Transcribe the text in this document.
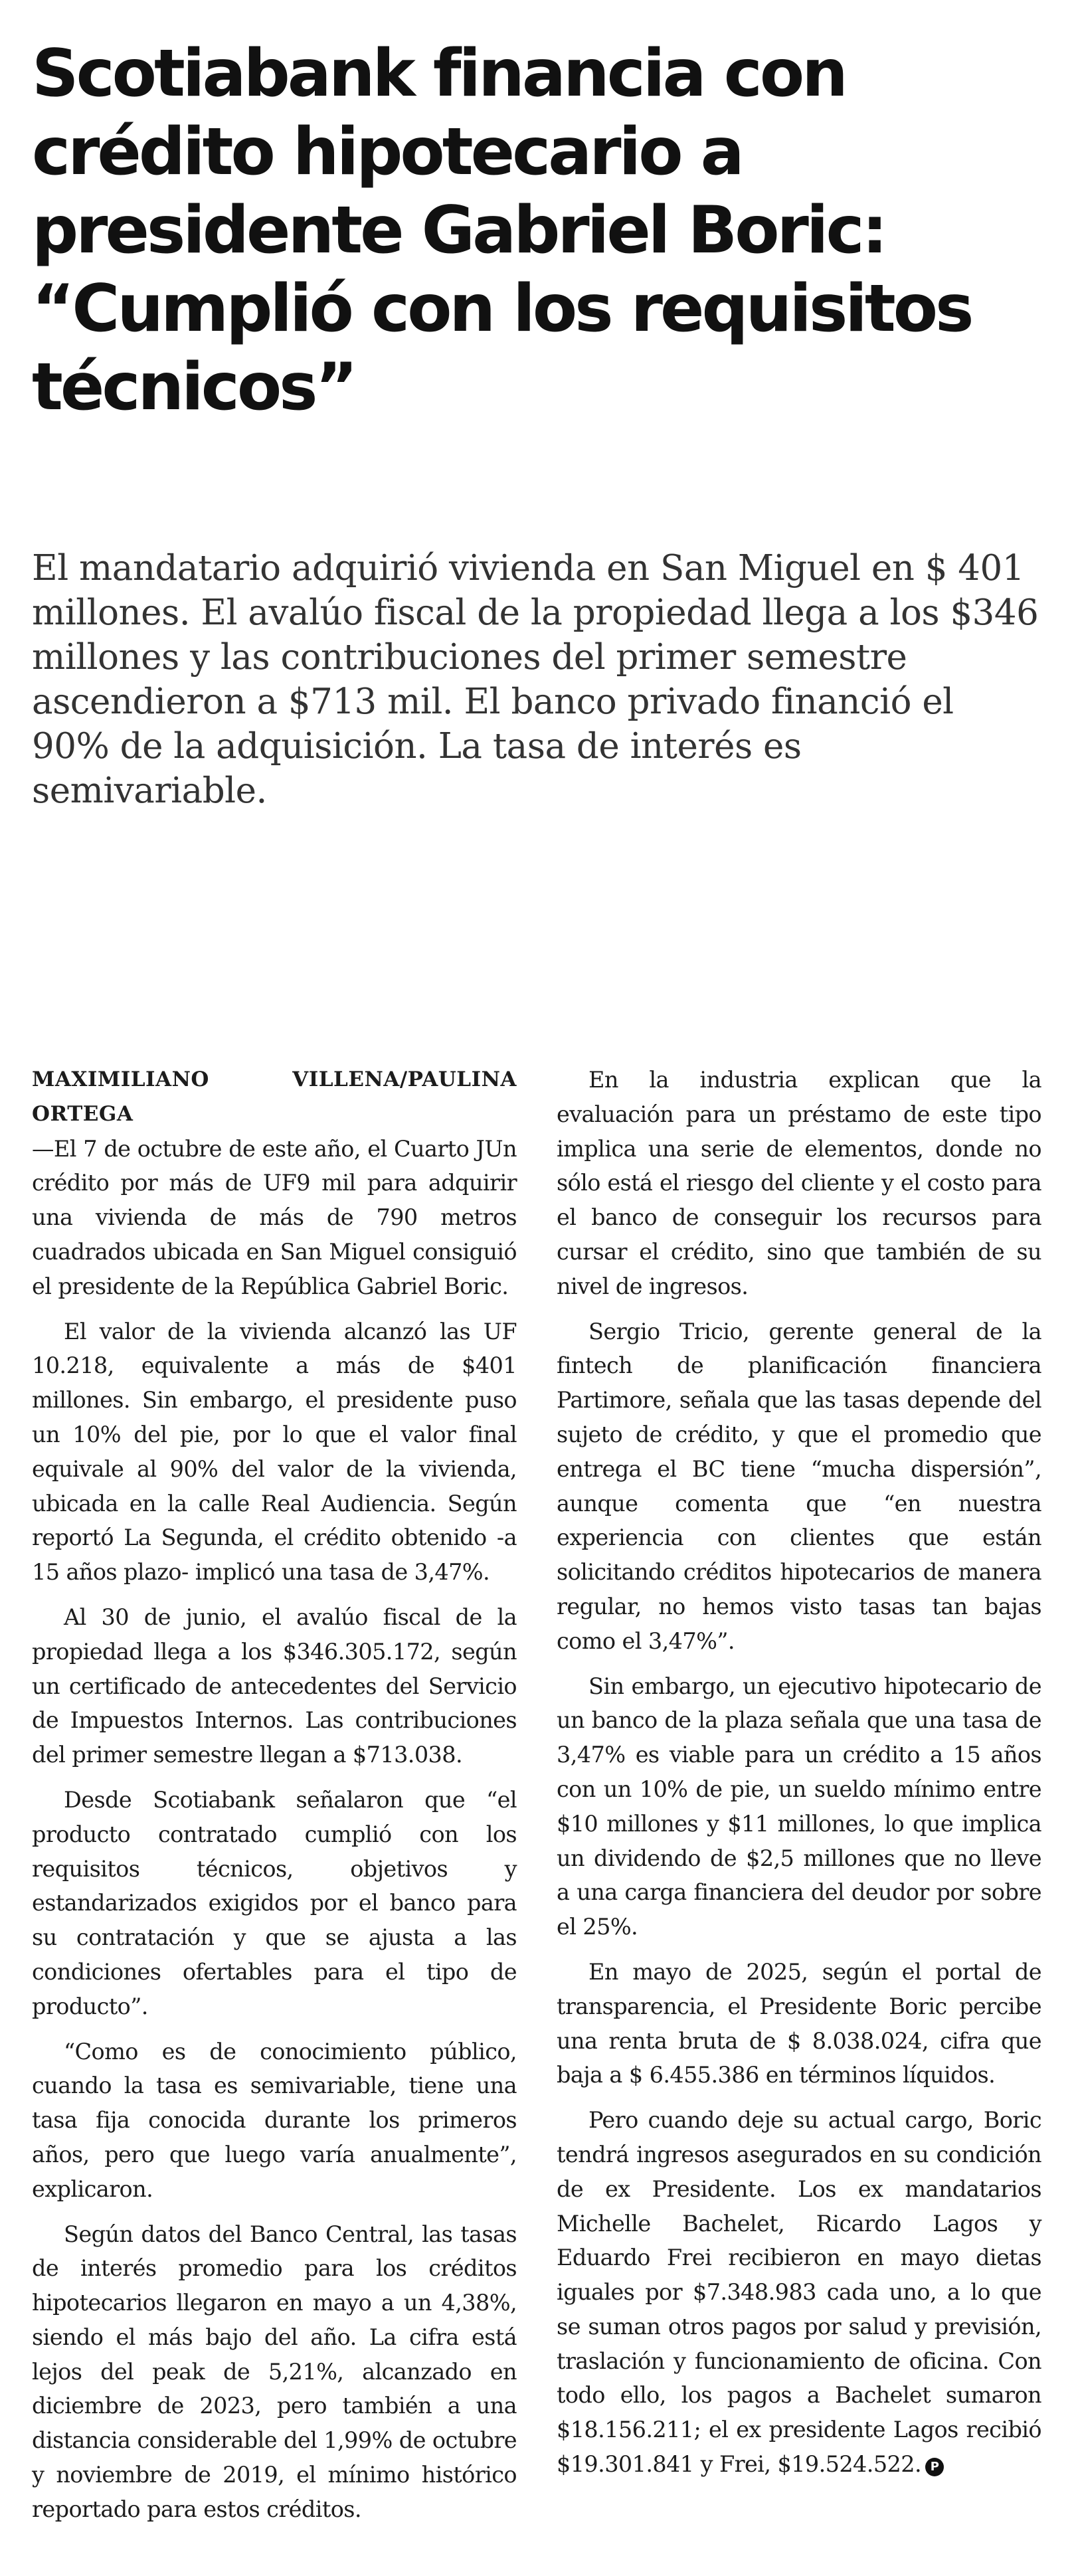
Scotiabank financia con crédito hipotecario a presidente Gabriel Boric: “Cumplió con los requisitos técnicos”

El mandatario adquirió vivienda en San Miguel en $ 401 millones. El avalúo fiscal de la propiedad llega a los $346 millones y las contribuciones del primer semestre ascendieron a $713 mil. El banco privado financió el 90% de la adquisición. La tasa de interés es semivariable.

MAXIMILIANO VILLENA/PAULINA ORTEGA

—El 7 de octubre de este año, el Cuarto JUn crédito por más de UF9 mil para adquirir una vivienda de más de 790 metros cuadrados ubicada en San Miguel consiguió el presidente de la República Gabriel Boric.

El valor de la vivienda alcanzó las UF 10.218, equivalente a más de $401 millones. Sin embargo, el presidente puso un 10% del pie, por lo que el valor final equivale al 90% del valor de la vivienda, ubicada en la calle Real Audiencia. Según reportó La Segunda, el crédito obtenido -a 15 años plazo- implicó una tasa de 3,47%.

Al 30 de junio, el avalúo fiscal de la propiedad llega a los $346.305.172, según un certificado de antecedentes del Servicio de Impuestos Internos. Las contribuciones del primer semestre llegan a $713.038.

Desde Scotiabank señalaron que “el producto contratado cumplió con los requisitos técnicos, objetivos y estandarizados exigidos por el banco para su contratación y que se ajusta a las condiciones ofertables para el tipo de producto”.

“Como es de conocimiento público, cuando la tasa es semivariable, tiene una tasa fija conocida durante los primeros años, pero que luego varía anualmente”, explicaron.

Según datos del Banco Central, las tasas de interés promedio para los créditos hipotecarios llegaron en mayo a un 4,38%, siendo el más bajo del año. La cifra está lejos del peak de 5,21%, alcanzado en diciembre de 2023, pero también a una distancia considerable del 1,99% de octubre y noviembre de 2019, el mínimo histórico reportado para estos créditos.

En la industria explican que la evaluación para un préstamo de este tipo implica una serie de elementos, donde no sólo está el riesgo del cliente y el costo para el banco de conseguir los recursos para cursar el crédito, sino que también de su nivel de ingresos.

Sergio Tricio, gerente general de la fintech de planificación financiera Partimore, señala que las tasas depende del sujeto de crédito, y que el promedio que entrega el BC tiene “mucha dispersión”, aunque comenta que “en nuestra experiencia con clientes que están solicitando créditos hipotecarios de manera regular, no hemos visto tasas tan bajas como el 3,47%”.

Sin embargo, un ejecutivo hipotecario de un banco de la plaza señala que una tasa de 3,47% es viable para un crédito a 15 años con un 10% de pie, un sueldo mínimo entre $10 millones y $11 millones, lo que implica un dividendo de $2,5 millones que no lleve a una carga financiera del deudor por sobre el 25%.

En mayo de 2025, según el portal de transparencia, el Presidente Boric percibe una renta bruta de $ 8.038.024, cifra que baja a $ 6.455.386 en términos líquidos.

Pero cuando deje su actual cargo, Boric tendrá ingresos asegurados en su condición de ex Presidente. Los ex mandatarios Michelle Bachelet, Ricardo Lagos y Eduardo Frei recibieron en mayo dietas iguales por $7.348.983 cada uno, a lo que se suman otros pagos por salud y previsión, traslación y funcionamiento de oficina. Con todo ello, los pagos a Bachelet sumaron $18.156.211; el ex presidente Lagos recibió $19.301.841 y Frei, $19.524.522. P
